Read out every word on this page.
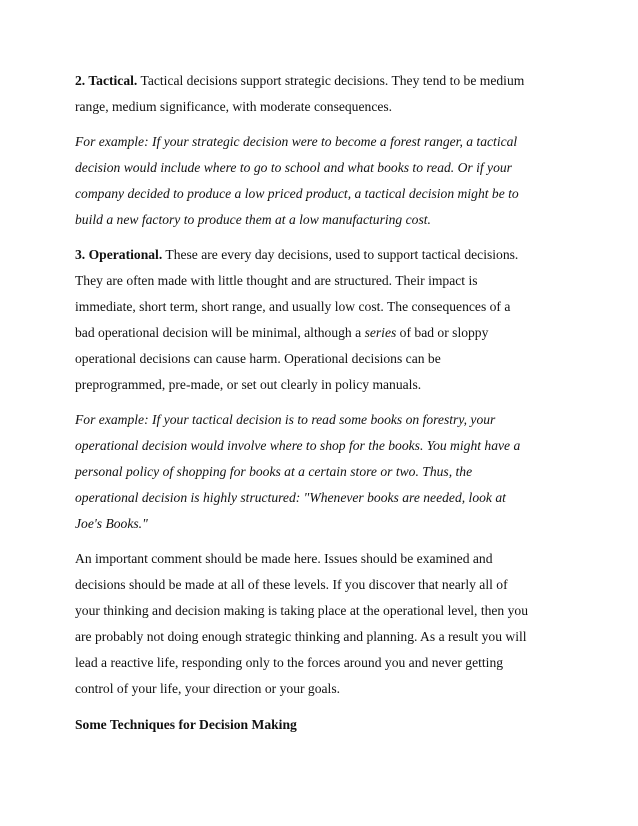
2. Tactical. Tactical decisions support strategic decisions. They tend to be medium
range, medium significance, with moderate consequences.

For example: If your strategic decision were to become a forest ranger, a tactical
decision would include where to go to school and what books to read. Or if your
company decided to produce a low priced product, a tactical decision might be to
build a new factory to produce them at a low manufacturing cost.

3. Operational. These are every day decisions, used to support tactical decisions.
They are often made with little thought and are structured. Their impact is
immediate, short term, short range, and usually low cost. The consequences of a
bad operational decision will be minimal, although a series of bad or sloppy
operational decisions can cause harm. Operational decisions can be
preprogrammed, pre-made, or set out clearly in policy manuals.

For example: If your tactical decision is to read some books on forestry, your
operational decision would involve where to shop for the books. You might have a
personal policy of shopping for books at a certain store or two. Thus, the
operational decision is highly structured: "Whenever books are needed, look at
Joe's Books."

An important comment should be made here. Issues should be examined and
decisions should be made at all of these levels. If you discover that nearly all of
your thinking and decision making is taking place at the operational level, then you
are probably not doing enough strategic thinking and planning. As a result you will
lead a reactive life, responding only to the forces around you and never getting
control of your life, your direction or your goals.

Some Techniques for Decision Making
